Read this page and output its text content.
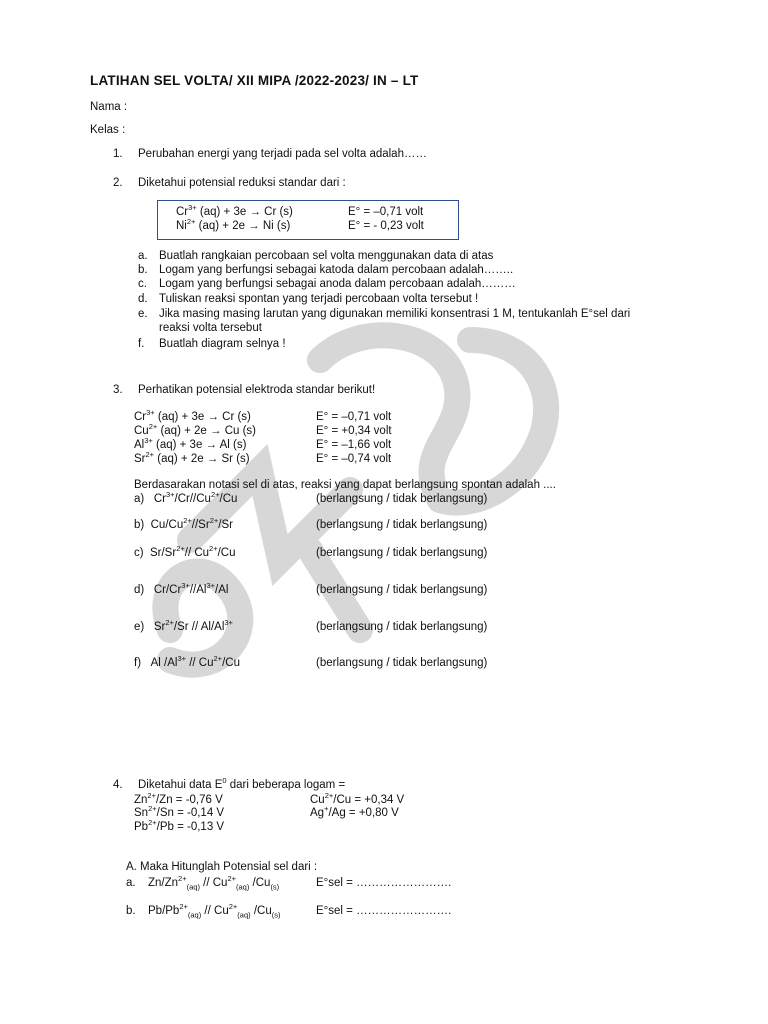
LATIHAN SEL VOLTA/ XII MIPA /2022-2023/ IN – LT
Nama :
Kelas :
1. Perubahan energi yang terjadi pada sel volta adalah……
2. Diketahui potensial reduksi standar dari :
$Cr^{3+}$ (aq) + 3e → Cr (s)	E° = –0,71 volt
$Ni^{2+}$ (aq) + 2e → Ni (s)	E° = - 0,23 volt
a. Buatlah rangkaian percobaan sel volta menggunakan data di atas
b. Logam yang berfungsi sebagai katoda dalam percobaan adalah……..
c. Logam yang berfungsi sebagai anoda dalam percobaan adalah………
d. Tuliskan reaksi spontan yang terjadi percobaan volta tersebut !
e. Jika masing masing larutan yang digunakan memiliki konsentrasi 1 M, tentukanlah E°sel dari
reaksi volta tersebut
f. Buatlah diagram selnya !
3. Perhatikan potensial elektroda standar berikut!
$Cr^{3+}$ (aq) + 3e → Cr (s)	E° = –0,71 volt
$Cu^{2+}$ (aq) + 2e → Cu (s)	E° = +0,34 volt
$Al^{3+}$ (aq) + 3e → Al (s)	E° = –1,66 volt
$Sr^{2+}$ (aq) + 2e → Sr (s)	E° = –0,74 volt
Berdasarakan notasi sel di atas, reaksi yang dapat berlangsung spontan adalah ....
a)   $Cr^{3+}/Cr//Cu^{2+}/Cu$	(berlangsung / tidak berlangsung)
b)  $Cu/Cu^{2+}//Sr^{2+}/Sr$	(berlangsung / tidak berlangsung)
c)  $Sr/Sr^{2+}//$ $Cu^{2+}/Cu$	(berlangsung / tidak berlangsung)
d)   $Cr/Cr^{3+}//Al^{3+}/Al$	(berlangsung / tidak berlangsung)
e)   $Sr^{2+}/Sr // Al/Al^{3+}$	(berlangsung / tidak berlangsung)
f)   Al $/Al^{3+} // Cu^{2+}/Cu$	(berlangsung / tidak berlangsung)
4. Diketahui data $E^0$ dari beberapa logam =
$Zn^{2+}/Zn = -0,76$ V	$Cu^{2+}/Cu = +0,34$ V
$Sn^{2+}/Sn = -0,14$ V	Ag+/Ag = +0,80 V
$Pb^{2+}/Pb = -0,13$ V
A. Maka Hitunglah Potensial sel dari :
a. $Zn/Zn^{2+}_{(aq)} // Cu^{2+}_{(aq)}$ $/Cu_{(s)}$	E°sel = …………………….
b. $Pb/Pb^{2+}_{(aq)} // Cu^{2+}_{(aq)}$ $/Cu_{(s)}$	E°sel = …………………….
